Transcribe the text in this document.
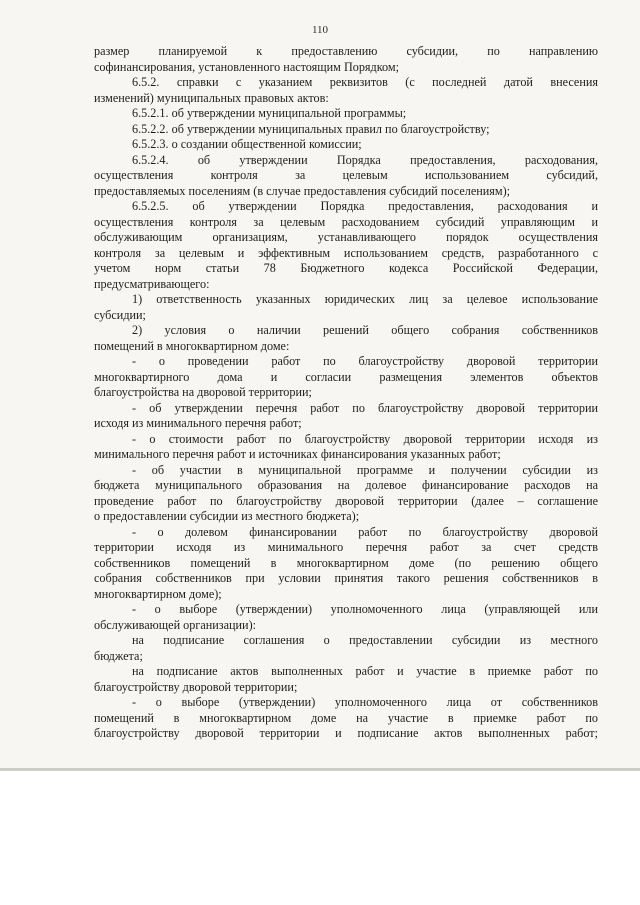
110
размер планируемой к предоставлению субсидии, по направлению
софинансирования, установленного настоящим Порядком;
6.5.2. справки с указанием реквизитов (с последней датой внесения
изменений) муниципальных правовых актов:
6.5.2.1. об утверждении муниципальной программы;
6.5.2.2. об утверждении муниципальных правил по благоустройству;
6.5.2.3. о создании общественной комиссии;
6.5.2.4. об утверждении Порядка предоставления, расходования,
осуществления контроля за целевым использованием субсидий,
предоставляемых поселениям (в случае предоставления субсидий поселениям);
6.5.2.5. об утверждении Порядка предоставления, расходования и
осуществления контроля за целевым расходованием субсидий управляющим и
обслуживающим организациям, устанавливающего порядок осуществления
контроля за целевым и эффективным использованием средств, разработанного с
учетом норм статьи 78 Бюджетного кодекса Российской Федерации,
предусматривающего:
1) ответственность указанных юридических лиц за целевое использование
субсидии;
2) условия о наличии решений общего собрания собственников
помещений в многоквартирном доме:
- о проведении работ по благоустройству дворовой территории
многоквартирного дома и согласии размещения элементов объектов
благоустройства на дворовой территории;
- об утверждении перечня работ по благоустройству дворовой территории
исходя из минимального перечня работ;
- о стоимости работ по благоустройству дворовой территории исходя из
минимального перечня работ и источниках финансирования указанных работ;
- об участии в муниципальной программе и получении субсидии из
бюджета муниципального образования на долевое финансирование расходов на
проведение работ по благоустройству дворовой территории (далее – соглашение
о предоставлении субсидии из местного бюджета);
- о долевом финансировании работ по благоустройству дворовой
территории исходя из минимального перечня работ за счет средств
собственников помещений в многоквартирном доме (по решению общего
собрания собственников при условии принятия такого решения собственников в
многоквартирном доме);
- о выборе (утверждении) уполномоченного лица (управляющей или
обслуживающей организации):
на подписание соглашения о предоставлении субсидии из местного
бюджета;
на подписание актов выполненных работ и участие в приемке работ по
благоустройству дворовой территории;
- о выборе (утверждении) уполномоченного лица от собственников
помещений в многоквартирном доме на участие в приемке работ по
благоустройству дворовой территории и подписание актов выполненных работ;
